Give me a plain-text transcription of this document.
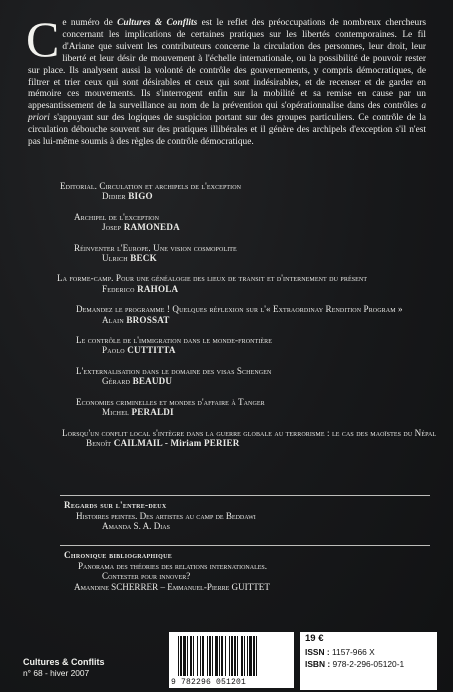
Ce numéro de Cultures & Conflits est le reflet des préoccupations de nombreux chercheurs concernant les implications de certaines pratiques sur les libertés contemporaines. Le fil d'Ariane que suivent les contributeurs concerne la circulation des personnes, leur droit, leur liberté et leur désir de mouvement à l'échelle internationale, ou la possibilité de pouvoir rester sur place. Ils analysent aussi la volonté de contrôle des gouvernements, y compris démocratiques, de filtrer et trier ceux qui sont désirables et ceux qui sont indésirables, et de recenser et de garder en mémoire ces mouvements. Ils s'interrogent enfin sur la mobilité et sa remise en cause par un appesantissement de la surveillance au nom de la prévention qui s'opérationnalise dans des contrôles a priori s'appuyant sur des logiques de suspicion portant sur des groupes particuliers. Ce contrôle de la circulation débouche souvent sur des pratiques illibérales et il génère des archipels d'exception s'il n'est pas lui-même soumis à des règles de contrôle démocratique.

Editorial. Circulation et archipels de l'exception
Didier BIGO
Archipel de l'exception
Josep RAMONEDA
Réinventer l'Europe. Une vision cosmopolite
Ulrich BECK
La forme-camp. Pour une généalogie des lieux de transit et d'internement du présent
Federico RAHOLA
Demandez le programme ! Quelques réflexion sur l'« Extraordinay Rendition Program »
Alain BROSSAT
Le contrôle de l'immigration dans le monde-frontière
Paolo CUTTITTA
L'externalisation dans le domaine des visas Schengen
Gérard BEAUDU
Economies criminelles et mondes d'affaire à Tanger
Michel PERALDI
Lorsqu'un conflit local s'intègre dans la guerre globale au terrorisme : le cas des maoïstes du Népal
Benoît CAILMAIL - Miriam PERIER
Regards sur l'entre-deux
Histoires peintes. Des artistes au camp de Beddawi
Amanda S. A. Dias
Chronique bibliographique
Panorama des théories des relations internationales.
Contester pour innover?
Amandine SCHERRER – Emmanuel-Pierre GUITTET
Cultures & Conflits
n° 68 - hiver 2007
9 782296 051201
19 €
ISSN : 1157-966 X
ISBN : 978-2-296-05120-1
